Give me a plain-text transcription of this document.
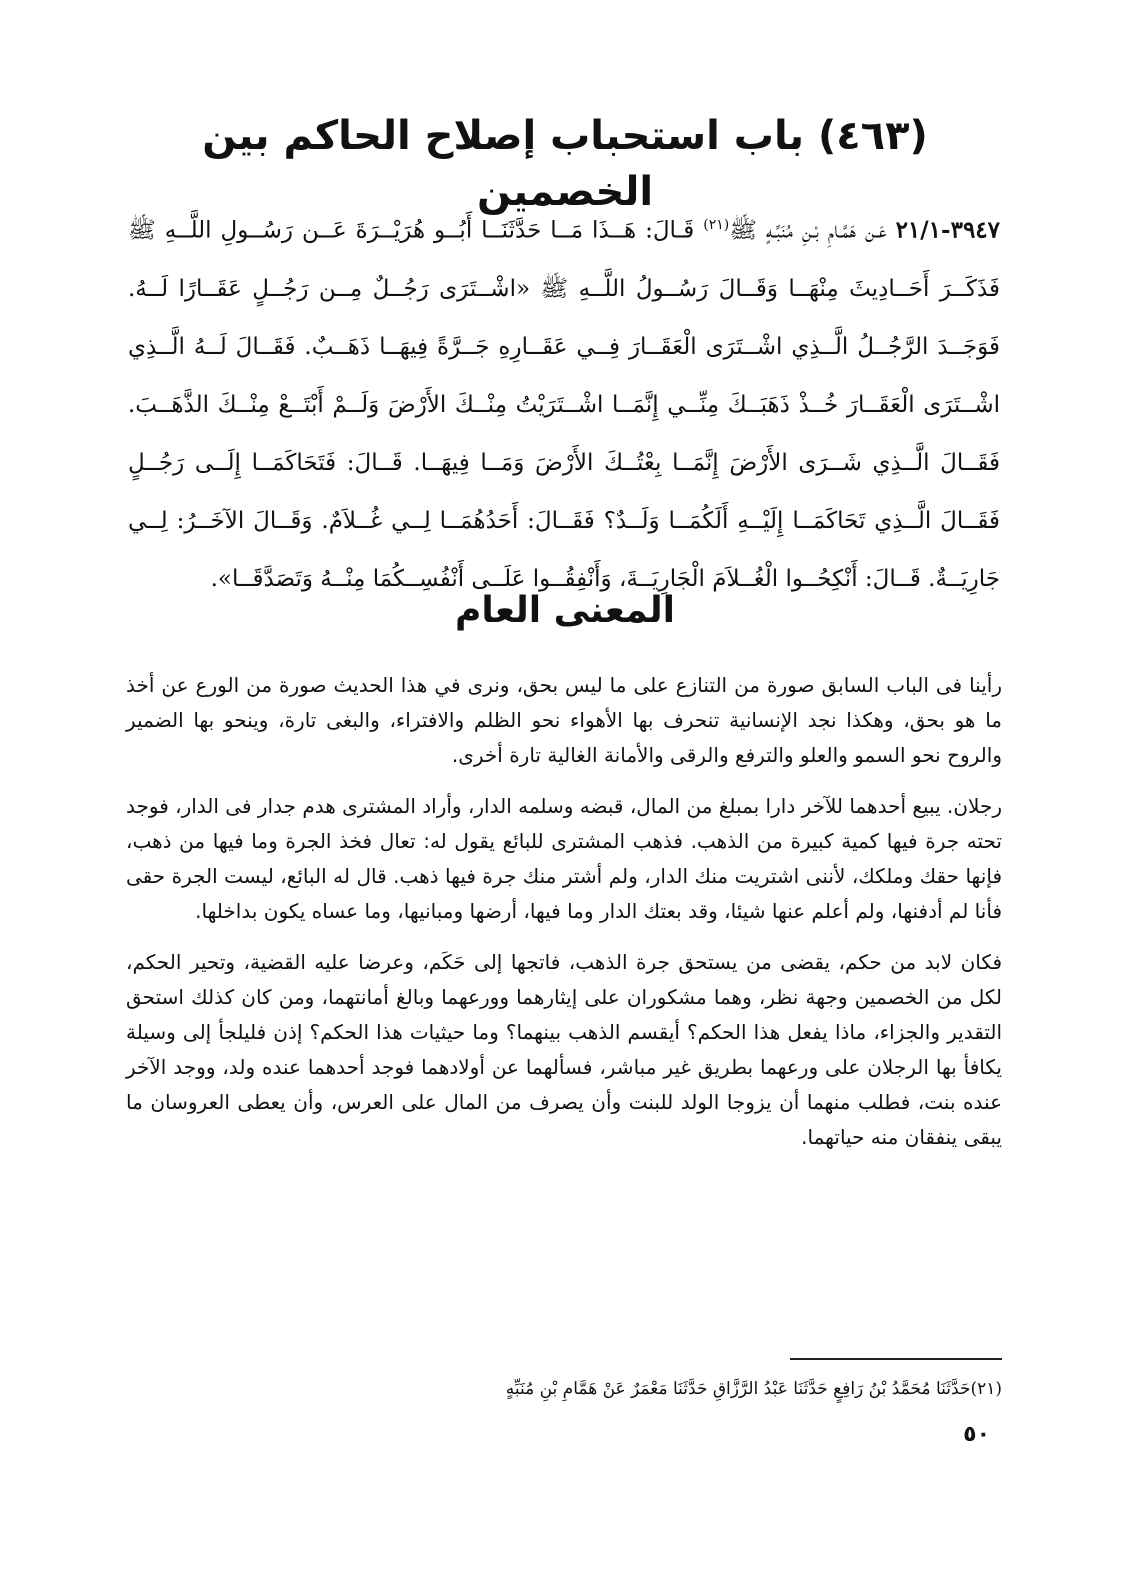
(٤٦٣) باب استحباب إصلاح الحاكم بين الخصمين

٣٩٤٧-٢١/١ عَـن هَمَّـامِ بْـنِ مُنَبِّـهٍ ﷺ$^{(٢١)}$ قَـالَ: هَــذَا مَــا حَدَّثَنَــا أَبُــو هُرَيْــرَةَ عَــن رَسُــولِ اللَّــهِ ﷺ فَذَكَــرَ أَحَــادِيثَ مِنْهَــا وَقَــالَ رَسُــولُ اللَّــهِ ﷺ «اشْــتَرَى رَجُــلٌ مِــن رَجُــلٍ عَقَــارًا لَــهُ. فَوَجَــدَ الرَّجُــلُ الَّــذِي اشْــتَرَى الْعَقَــارَ فِــي عَقَــارِهِ جَــرَّةً فِيهَــا ذَهَــبٌ. فَقَــالَ لَــهُ الَّــذِي اشْــتَرَى الْعَقَــارَ خُــذْ ذَهَبَــكَ مِنِّــي إِنَّمَــا اشْــتَرَيْتُ مِنْــكَ الأَرْضَ وَلَــمْ أَبْتَــعْ مِنْــكَ الذَّهَــبَ. فَقَــالَ الَّــذِي شَــرَى الأَرْضَ إِنَّمَــا بِعْتُــكَ الأَرْضَ وَمَــا فِيهَــا. قَــالَ: فَتَحَاكَمَــا إِلَــى رَجُــلٍ فَقَــالَ الَّــذِي تَحَاكَمَــا إِلَيْــهِ أَلَكُمَــا وَلَــدٌ؟ فَقَــالَ: أَحَدُهُمَــا لِــي غُــلاَمٌ. وَقَــالَ الآخَــرُ: لِــي جَارِيَــةٌ. قَــالَ: أَنْكِحُــوا الْغُــلاَمَ الْجَارِيَــةَ، وَأَنْفِقُــوا عَلَــى أَنْفُسِــكُمَا مِنْــهُ وَتَصَدَّقَــا».

المعنى العام

رأينا فى الباب السابق صورة من التنازع على ما ليس بحق، ونرى في هذا الحديث صورة من الورع عن أخذ ما هو بحق، وهكذا نجد الإنسانية تنحرف بها الأهواء نحو الظلم والافتراء، والبغى تارة، وينحو بها الضمير والروح نحو السمو والعلو والترفع والرقى والأمانة الغالية تارة أخرى.

رجلان. يبيع أحدهما للآخر دارا بمبلغ من المال، قبضه وسلمه الدار، وأراد المشترى هدم جدار فى الدار، فوجد تحته جرة فيها كمية كبيرة من الذهب. فذهب المشترى للبائع يقول له: تعال فخذ الجرة وما فيها من ذهب، فإنها حقك وملكك، لأننى اشتريت منك الدار، ولم أشتر منك جرة فيها ذهب. قال له البائع، ليست الجرة حقى فأنا لم أدفنها، ولم أعلم عنها شيئا، وقد بعتك الدار وما فيها، أرضها ومبانيها، وما عساه يكون بداخلها.

فكان لابد من حكم، يقضى من يستحق جرة الذهب، فاتجها إلى حَكَم، وعرضا عليه القضية، وتحير الحكم، لكل من الخصمين وجهة نظر، وهما مشكوران على إيثارهما وورعهما وبالغ أمانتهما، ومن كان كذلك استحق التقدير والجزاء، ماذا يفعل هذا الحكم؟ أيقسم الذهب بينهما؟ وما حيثيات هذا الحكم؟ إذن فليلجأ إلى وسيلة يكافأ بها الرجلان على ورعهما بطريق غير مباشر، فسألهما عن أولادهما فوجد أحدهما عنده ولد، ووجد الآخر عنده بنت، فطلب منهما أن يزوجا الولد للبنت وأن يصرف من المال على العرس، وأن يعطى العروسان ما يبقى ينفقان منه حياتهما.

(٢١)حَدَّثَنَا مُحَمَّدُ بْنُ رَافِعٍ حَدَّثَنَا عَبْدُ الرَّزَّاقِ حَدَّثَنَا مَعْمَرٌ عَنْ هَمَّامِ بْنِ مُنَبِّهٍ

٥٠
